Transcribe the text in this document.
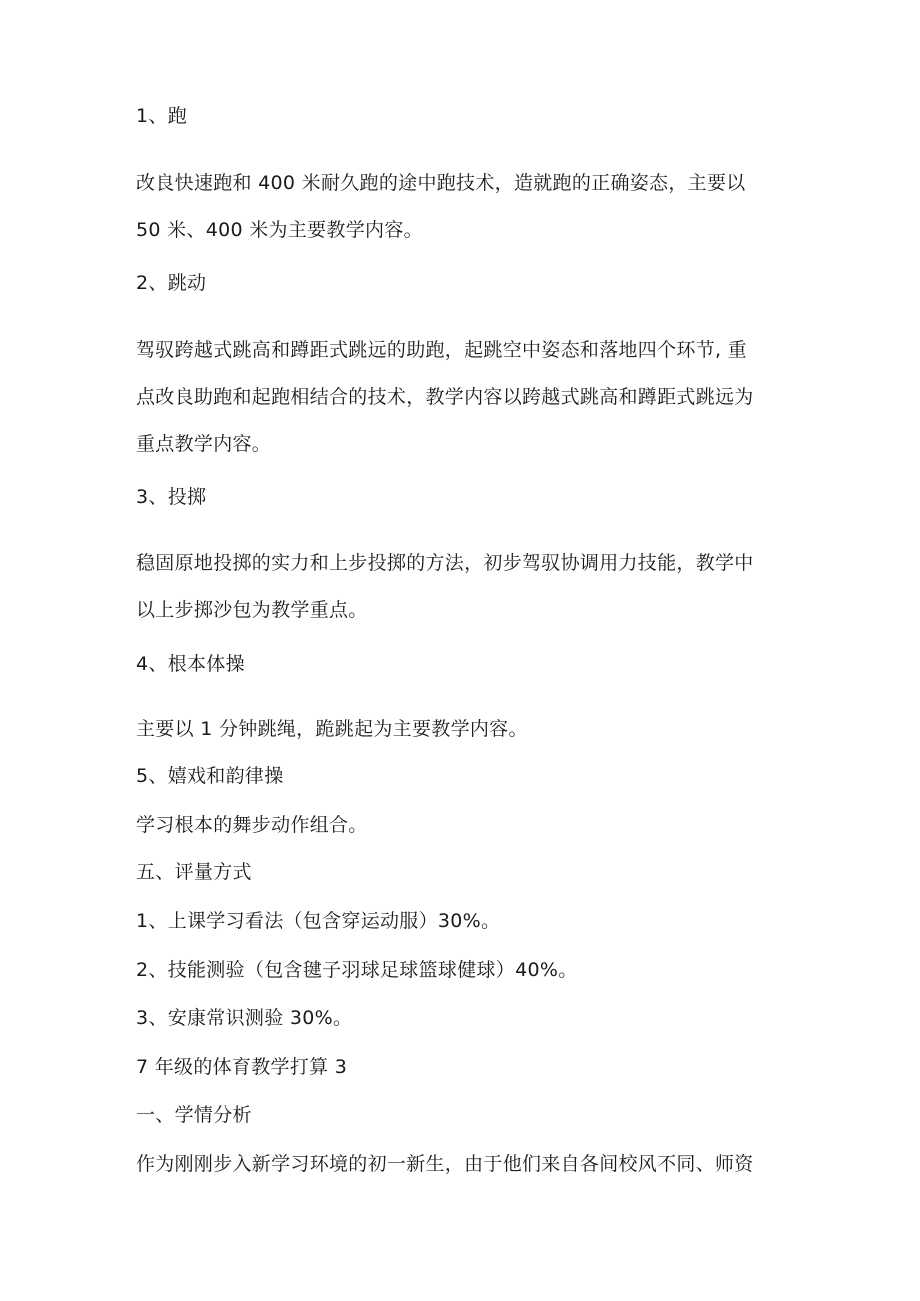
1、跑
改良快速跑和 400 米耐久跑的途中跑技术，造就跑的正确姿态，主要以
50 米、400 米为主要教学内容。
2、跳动
驾驭跨越式跳高和蹲距式跳远的助跑，起跳空中姿态和落地四个环节, 重
点改良助跑和起跑相结合的技术，教学内容以跨越式跳高和蹲距式跳远为
重点教学内容。
3、投掷
稳固原地投掷的实力和上步投掷的方法，初步驾驭协调用力技能，教学中
以上步掷沙包为教学重点。
4、根本体操
主要以 1 分钟跳绳，跪跳起为主要教学内容。
5、嬉戏和韵律操
学习根本的舞步动作组合。
五、评量方式
1、上课学习看法（包含穿运动服）30%。
2、技能测验（包含毽子羽球足球篮球健球）40%。
3、安康常识测验 30%。
7 年级的体育教学打算 3
一、学情分析
作为刚刚步入新学习环境的初一新生，由于他们来自各间校风不同、师资
